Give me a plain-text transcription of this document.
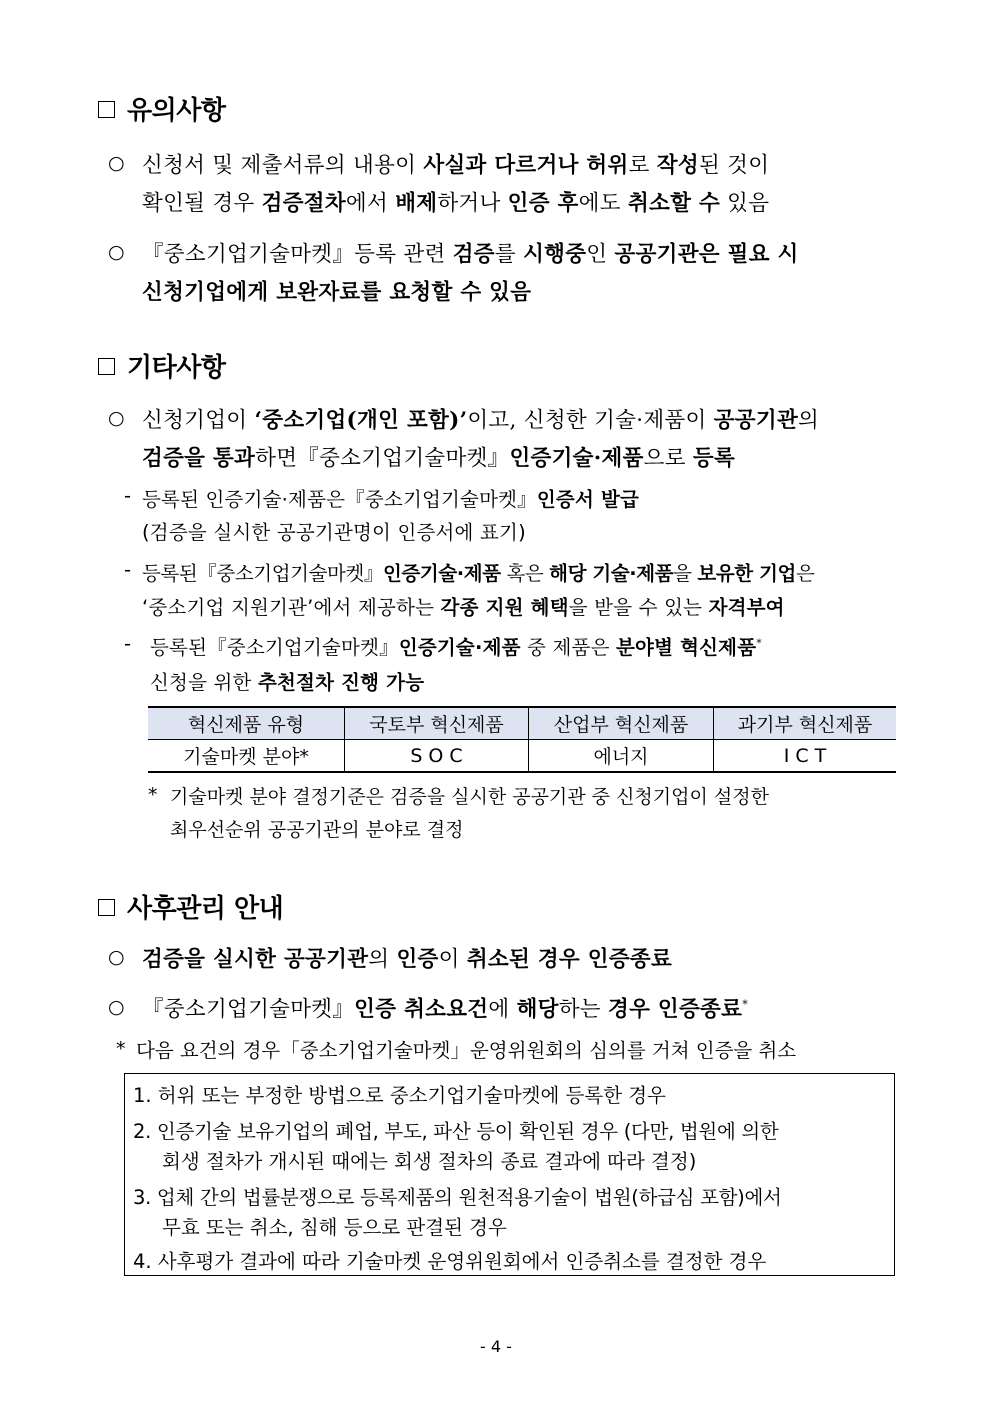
유의사항
○ 신청서 및 제출서류의 내용이 사실과 다르거나 허위로 작성된 것이
확인될 경우 검증절차에서 배제하거나 인증 후에도 취소할 수 있음
○ 『중소기업기술마켓』등록 관련 검증를 시행중인 공공기관은 필요 시
신청기업에게 보완자료를 요청할 수 있음
기타사항
○ 신청기업이 ‘중소기업(개인 포함)’이고, 신청한 기술·제품이 공공기관의
검증을 통과하면『중소기업기술마켓』인증기술·제품으로 등록
- 등록된 인증기술·제품은『중소기업기술마켓』인증서 발급
(검증을 실시한 공공기관명이 인증서에 표기)
- 등록된『중소기업기술마켓』인증기술·제품 혹은 해당 기술·제품을 보유한 기업은
‘중소기업 지원기관’에서 제공하는 각종 지원 혜택을 받을 수 있는 자격부여
- 등록된『중소기업기술마켓』인증기술·제품 중 제품은 분야별 혁신제품*
신청을 위한 추천절차 진행 가능
혁신제품 유형	국토부 혁신제품	산업부 혁신제품	과기부 혁신제품
기술마켓 분야*	S O C	에너지	I C T
* 기술마켓 분야 결정기준은 검증을 실시한 공공기관 중 신청기업이 설정한
최우선순위 공공기관의 분야로 결정
사후관리 안내
○ 검증을 실시한 공공기관의 인증이 취소된 경우 인증종료
○ 『중소기업기술마켓』인증 취소요건에 해당하는 경우 인증종료*
* 다음 요건의 경우「중소기업기술마켓」운영위원회의 심의를 거쳐 인증을 취소
1. 허위 또는 부정한 방법으로 중소기업기술마켓에 등록한 경우
2. 인증기술 보유기업의 폐업, 부도, 파산 등이 확인된 경우 (다만, 법원에 의한
회생 절차가 개시된 때에는 회생 절차의 종료 결과에 따라 결정)
3. 업체 간의 법률분쟁으로 등록제품의 원천적용기술이 법원(하급심 포함)에서
무효 또는 취소, 침해 등으로 판결된 경우
4. 사후평가 결과에 따라 기술마켓 운영위원회에서 인증취소를 결정한 경우
- 4 -
